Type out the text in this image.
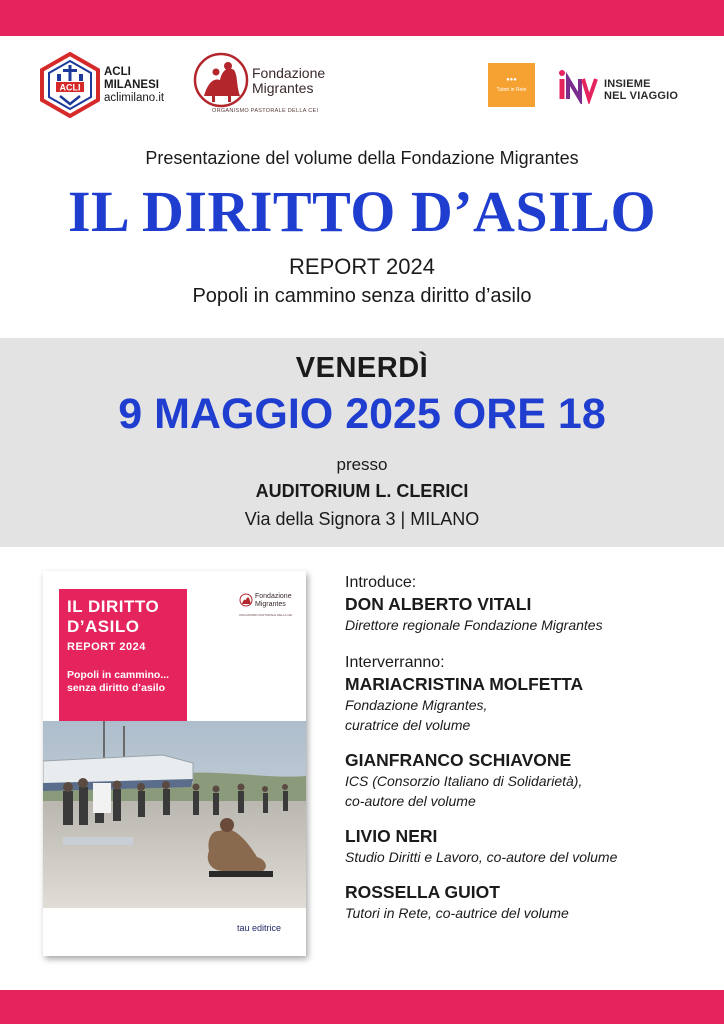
ACLI
ACLI MILANESI
aclimilano.it
Fondazione
Migrantes
ORGANISMO PASTORALE DELLA CEI
●●●
Tutori in Rete	INSIEME
NEL VIAGGIO
Presentazione del volume della Fondazione Migrantes
IL DIRITTO D’ASILO
REPORT 2024
Popoli in cammino senza diritto d’asilo
VENERDÌ
9 MAGGIO 2025 ORE 18
presso
AUDITORIUM L. CLERICI
Via della Signora 3 | MILANO
IL DIRITTO
D’ASILO
REPORT 2024
Popoli in cammino...
senza diritto d’asilo
Fondazione
Migrantes
ORGANISMO PASTORALE DELLA CEI
tau editrice
Introduce:
DON ALBERTO VITALI
Direttore regionale Fondazione Migrantes
Interverranno:
MARIACRISTINA MOLFETTA
Fondazione Migrantes,
curatrice del volume
GIANFRANCO SCHIAVONE
ICS (Consorzio Italiano di Solidarietà),
co-autore del volume
LIVIO NERI
Studio Diritti e Lavoro, co-autore del volume
ROSSELLA GUIOT
Tutori in Rete, co-autrice del volume
